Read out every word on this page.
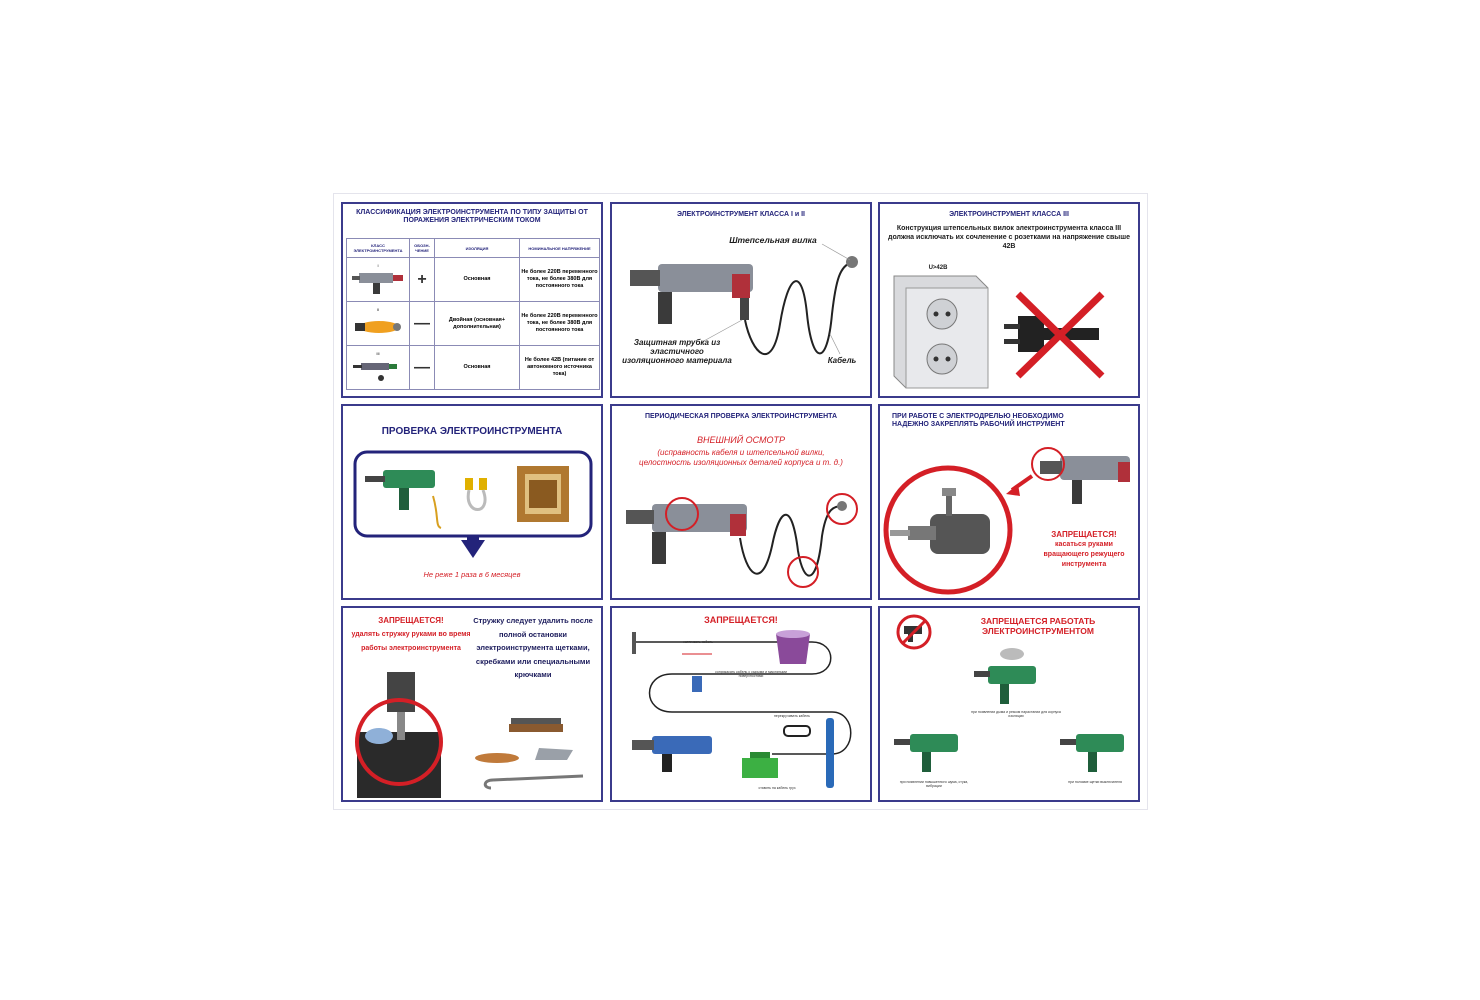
КЛАССИФИКАЦИЯ ЭЛЕКТРОИНСТРУМЕНТА ПО ТИПУ ЗАЩИТЫ ОТ ПОРАЖЕНИЯ ЭЛЕКТРИЧЕСКИМ ТОКОМ
КЛАСС ЭЛЕКТРОИНСТРУМЕНТА	ОБОЗН-ЧЕНИЕ	ИЗОЛЯЦИЯ	НОМИНАЛЬНОЕ НАПРЯЖЕНИЕ

I	+	Основная	Не более 220В переменного тока, не более 380В для постоянного тока

II	—	Двойная (основная+ дополнительная)	Не более 220В переменного тока, не более 380В для постоянного тока

III	—	Основная	Не более 42В (питание от автономного источника тока)
ЭЛЕКТРОИНСТРУМЕНТ КЛАССА I и II
Штепсельная вилка
Защитная трубка из эластичного изоляционного материала	Кабель
ЭЛЕКТРОИНСТРУМЕНТ КЛАССА III
Конструкция штепсельных вилок электроинструмента класса III должна исключать их сочленение с розетками на напряжение свыше 42В
U>42В
ПРОВЕРКА ЭЛЕКТРОИНСТРУМЕНТА
Не реже 1 раза в 6 месяцев
ПЕРИОДИЧЕСКАЯ ПРОВЕРКА ЭЛЕКТРОИНСТРУМЕНТА
ВНЕШНИЙ ОСМОТР
(исправность кабеля и штепсельной вилки, целостность изоляционных деталей корпуса и т. д.)
ПРИ РАБОТЕ С ЭЛЕКТРОДРЕЛЬЮ НЕОБХОДИМО НАДЕЖНО ЗАКРЕПЛЯТЬ РАБОЧИЙ ИНСТРУМЕНТ
ЗАПРЕЩАЕТСЯ!
касаться руками вращающего режущего инструмента
ЗАПРЕЩАЕТСЯ!
удалять стружку руками во время работы электроинструмента
Стружку следует удалить после полной остановки электроинструмента щетками, скребками или специальными крючками
ЗАПРЕЩАЕТСЯ!
натягивать кабель
соприкасать кабель с сырыми и масляными поверхностями
перекручивать кабель
ставить на кабель груз
ЗАПРЕЩАЕТСЯ РАБОТАТЬ ЭЛЕКТРОИНСТРУМЕНТОМ
при появлении дыма и резком нарастании для корпуса изоляции
при появлении повышенного шума, стука, вибрации
при поломке щетки выключателя
